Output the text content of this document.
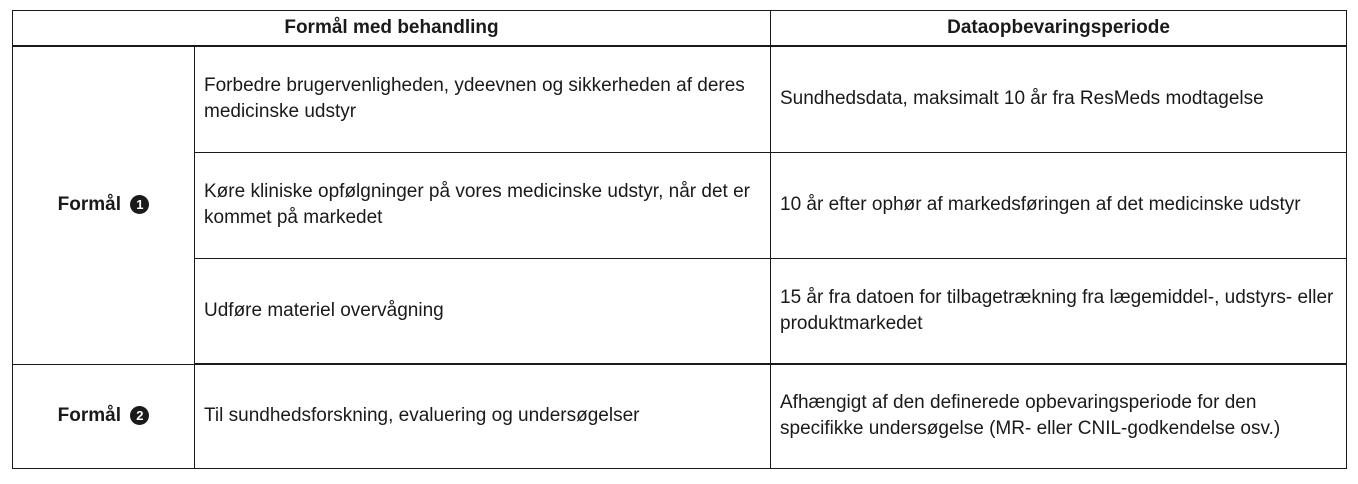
Formål med behandling		Dataopbevaringsperiode
Formål 1	Forbedre brugervenligheden, ydeevnen og sikkerheden af deres medicinske udstyr	Sundhedsdata, maksimalt 10 år fra ResMeds modtagelse
	Køre kliniske opfølgninger på vores medicinske udstyr, når det er kommet på markedet	10 år efter ophør af markedsføringen af det medicinske udstyr
	Udføre materiel overvågning	15 år fra datoen for tilbagetrækning fra lægemiddel-, udstyrs- eller produktmarkedet
Formål 2	Til sundhedsforskning, evaluering og undersøgelser	Afhængigt af den definerede opbevaringsperiode for den specifikke undersøgelse (MR- eller CNIL-godkendelse osv.)
